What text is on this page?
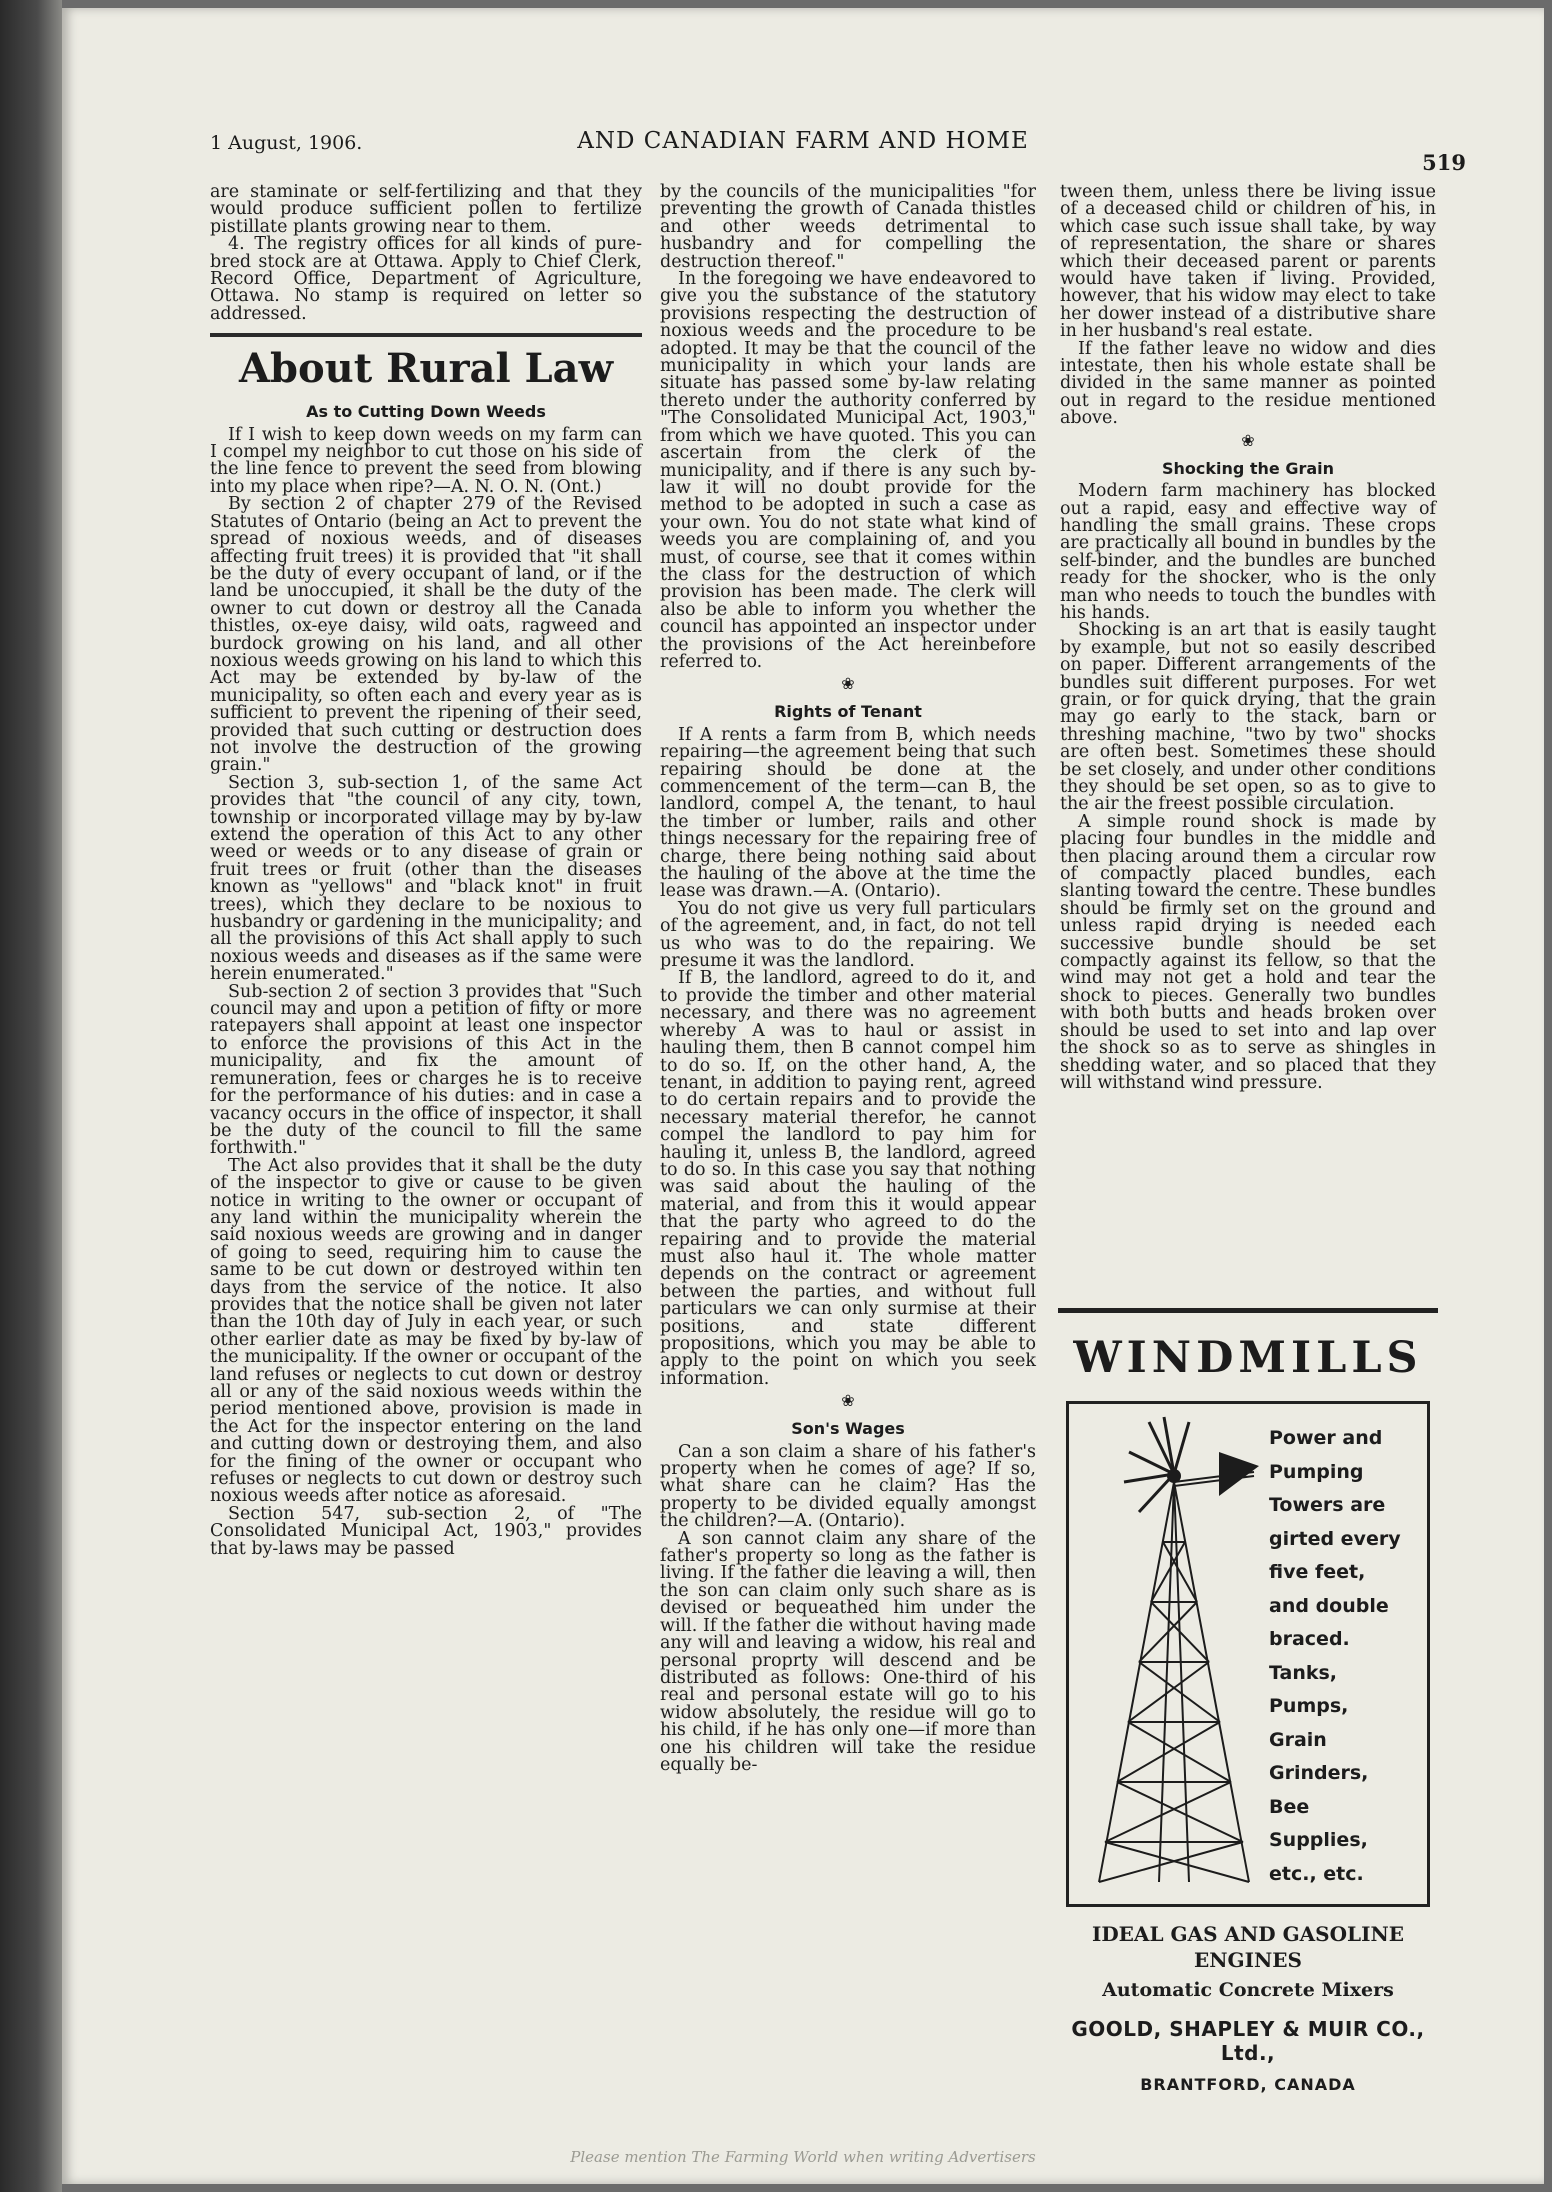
1 August, 1906.	AND CANADIAN FARM AND HOME
519

are staminate or self-fertilizing and that they would produce sufficient pollen to fertilize pistillate plants growing near to them.

4. The registry offices for all kinds of pure-bred stock are at Ottawa. Apply to Chief Clerk, Record Office, Department of Agriculture, Ottawa. No stamp is required on letter so addressed.

About Rural Law
As to Cutting Down Weeds

If I wish to keep down weeds on my farm can I compel my neighbor to cut those on his side of the line fence to prevent the seed from blowing into my place when ripe?—A. N. O. N. (Ont.)

By section 2 of chapter 279 of the Revised Statutes of Ontario (being an Act to prevent the spread of noxious weeds, and of diseases affecting fruit trees) it is provided that "it shall be the duty of every occupant of land, or if the land be unoccupied, it shall be the duty of the owner to cut down or destroy all the Canada thistles, ox-eye daisy, wild oats, ragweed and burdock growing on his land, and all other noxious weeds growing on his land to which this Act may be extended by by-law of the municipality, so often each and every year as is sufficient to prevent the ripening of their seed, provided that such cutting or destruction does not involve the destruction of the growing grain."

Section 3, sub-section 1, of the same Act provides that "the council of any city, town, township or incorporated village may by by-law extend the operation of this Act to any other weed or weeds or to any disease of grain or fruit trees or fruit (other than the diseases known as "yellows" and "black knot" in fruit trees), which they declare to be noxious to husbandry or gardening in the municipality; and all the provisions of this Act shall apply to such noxious weeds and diseases as if the same were herein enumerated."

Sub-section 2 of section 3 provides that "Such council may and upon a petition of fifty or more ratepayers shall appoint at least one inspector to enforce the provisions of this Act in the municipality, and fix the amount of remuneration, fees or charges he is to receive for the performance of his duties: and in case a vacancy occurs in the office of inspector, it shall be the duty of the council to fill the same forthwith."

The Act also provides that it shall be the duty of the inspector to give or cause to be given notice in writing to the owner or occupant of any land within the municipality wherein the said noxious weeds are growing and in danger of going to seed, requiring him to cause the same to be cut down or destroyed within ten days from the service of the notice. It also provides that the notice shall be given not later than the 10th day of July in each year, or such other earlier date as may be fixed by by-law of the municipality. If the owner or occupant of the land refuses or neglects to cut down or destroy all or any of the said noxious weeds within the period mentioned above, provision is made in the Act for the inspector entering on the land and cutting down or destroying them, and also for the fining of the owner or occupant who refuses or neglects to cut down or destroy such noxious weeds after notice as aforesaid.

Section 547, sub-section 2, of "The Consolidated Municipal Act, 1903," provides that by-laws may be passed

by the councils of the municipalities "for preventing the growth of Canada thistles and other weeds detrimental to husbandry and for compelling the destruction thereof."

In the foregoing we have endeavored to give you the substance of the statutory provisions respecting the destruction of noxious weeds and the procedure to be adopted. It may be that the council of the municipality in which your lands are situate has passed some by-law relating thereto under the authority conferred by "The Consolidated Municipal Act, 1903," from which we have quoted. This you can ascertain from the clerk of the municipality, and if there is any such by-law it will no doubt provide for the method to be adopted in such a case as your own. You do not state what kind of weeds you are complaining of, and you must, of course, see that it comes within the class for the destruction of which provision has been made. The clerk will also be able to inform you whether the council has appointed an inspector under the provisions of the Act hereinbefore referred to.

❀
Rights of Tenant

If A rents a farm from B, which needs repairing—the agreement being that such repairing should be done at the commencement of the term—can B, the landlord, compel A, the tenant, to haul the timber or lumber, rails and other things necessary for the repairing free of charge, there being nothing said about the hauling of the above at the time the lease was drawn.—A. (Ontario).

You do not give us very full particulars of the agreement, and, in fact, do not tell us who was to do the repairing. We presume it was the landlord.

If B, the landlord, agreed to do it, and to provide the timber and other material necessary, and there was no agreement whereby A was to haul or assist in hauling them, then B cannot compel him to do so. If, on the other hand, A, the tenant, in addition to paying rent, agreed to do certain repairs and to provide the necessary material therefor, he cannot compel the landlord to pay him for hauling it, unless B, the landlord, agreed to do so. In this case you say that nothing was said about the hauling of the material, and from this it would appear that the party who agreed to do the repairing and to provide the material must also haul it. The whole matter depends on the contract or agreement between the parties, and without full particulars we can only surmise at their positions, and state different propositions, which you may be able to apply to the point on which you seek information.

❀
Son's Wages

Can a son claim a share of his father's property when he comes of age? If so, what share can he claim? Has the property to be divided equally amongst the children?—A. (Ontario).

A son cannot claim any share of the father's property so long as the father is living. If the father die leaving a will, then the son can claim only such share as is devised or bequeathed him under the will. If the father die without having made any will and leaving a widow, his real and personal proprty will descend and be distributed as follows: One-third of his real and personal estate will go to his widow absolutely, the residue will go to his child, if he has only one—if more than one his children will take the residue equally be-

tween them, unless there be living issue of a deceased child or children of his, in which case such issue shall take, by way of representation, the share or shares which their deceased parent or parents would have taken if living. Provided, however, that his widow may elect to take her dower instead of a distributive share in her husband's real estate.

If the father leave no widow and dies intestate, then his whole estate shall be divided in the same manner as pointed out in regard to the residue mentioned above.

❀
Shocking the Grain

Modern farm machinery has blocked out a rapid, easy and effective way of handling the small grains. These crops are practically all bound in bundles by the self-binder, and the bundles are bunched ready for the shocker, who is the only man who needs to touch the bundles with his hands.

Shocking is an art that is easily taught by example, but not so easily described on paper. Different arrangements of the bundles suit different purposes. For wet grain, or for quick drying, that the grain may go early to the stack, barn or threshing machine, "two by two" shocks are often best. Sometimes these should be set closely, and under other conditions they should be set open, so as to give to the air the freest possible circulation.

A simple round shock is made by placing four bundles in the middle and then placing around them a circular row of compactly placed bundles, each slanting toward the centre. These bundles should be firmly set on the ground and unless rapid drying is needed each successive bundle should be set compactly against its fellow, so that the wind may not get a hold and tear the shock to pieces. Generally two bundles with both butts and heads broken over should be used to set into and lap over the shock so as to serve as shingles in shedding water, and so placed that they will withstand wind pressure.

WINDMILLS
Power and
Pumping
Towers are
girted every
five feet,
and double
braced.
Tanks,
Pumps,
Grain
Grinders,
Bee
Supplies,
etc., etc.
IDEAL GAS AND GASOLINE
ENGINES
Automatic Concrete Mixers
GOOLD, SHAPLEY & MUIR CO., Ltd.,
BRANTFORD, CANADA
Please mention The Farming World when writing Advertisers
